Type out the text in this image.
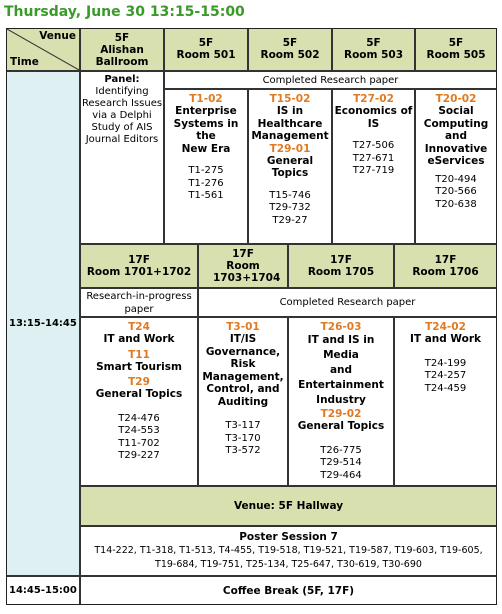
Thursday, June 30 13:15-15:00
Venue
Time
13:15-14:45
14:45-15:00
5F
Alishan Ballroom
5F
Room 501
5F
Room 502
5F
Room 503
5F
Room 505
Panel:
Identifying
Research Issues
via a Delphi
Study of AIS
Journal Editors
Completed Research paper
T1-02
Enterprise
Systems in the
New Era
T1-275
T1-276
T1-561
T15-02
IS in
Healthcare
Management
T29-01
General Topics
T15-746
T29-732
T29-27
T27-02
Economics of
IS
T27-506
T27-671
T27-719
T20-02
Social
Computing
and
Innovative
eServices
T20-494
T20-566
T20-638
17F
Room 1701+1702
17F
Room 1703+1704
17F
Room 1705
17F
Room 1706
Research-in-progress paper
Completed Research paper
T24
IT and Work
T11
Smart Tourism
T29
General Topics
T24-476
T24-553
T11-702
T29-227
T3-01
IT/IS
Governance,
Risk
Management,
Control, and
Auditing
T3-117
T3-170
T3-572
T26-03
IT and IS in Media
and
Entertainment
Industry
T29-02
General Topics
T26-775
T29-514
T29-464
T24-02
IT and Work
T24-199
T24-257
T24-459
Venue: 5F Hallway
Poster Session 7
T14-222, T1-318, T1-513, T4-455, T19-518, T19-521, T19-587, T19-603, T19-605,
T19-684, T19-751, T25-134, T25-647, T30-619, T30-690
Coffee Break (5F, 17F)
